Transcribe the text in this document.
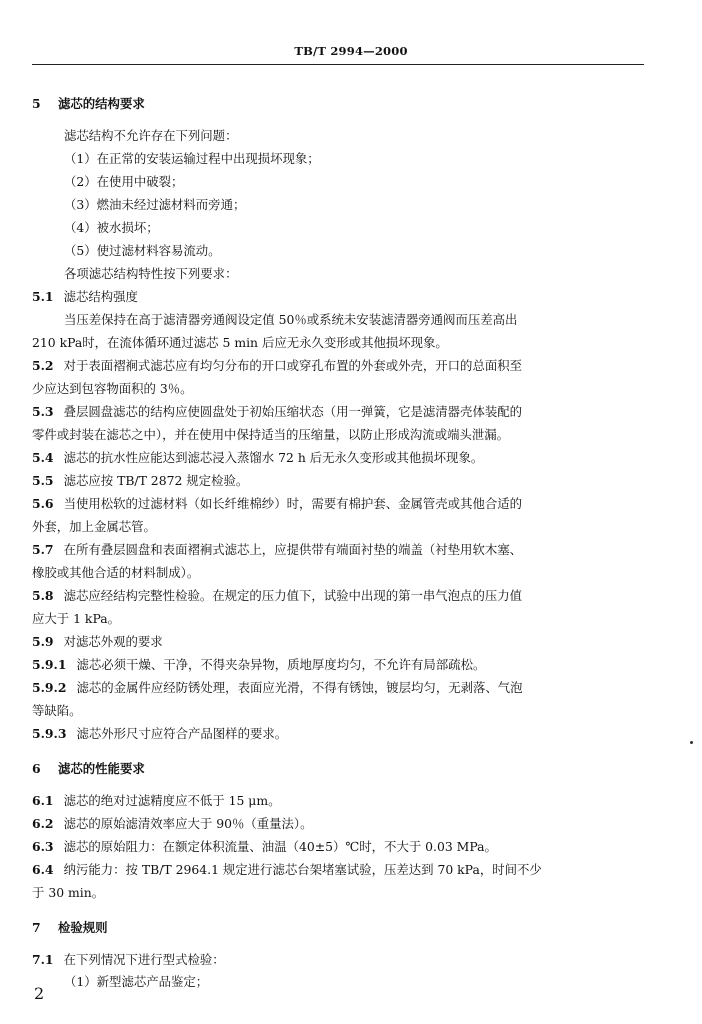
TB/T 2994—2000

5 滤芯的结构要求

滤芯结构不允许存在下列问题：

（1）在正常的安装运输过程中出现损坏现象；

（2）在使用中破裂；

（3）燃油未经过滤材料而旁通；

（4）被水损坏；

（5）使过滤材料容易流动。

各项滤芯结构特性按下列要求：

5.1 滤芯结构强度

当压差保持在高于滤清器旁通阀设定值 50％或系统未安装滤清器旁通阀而压差高出

210 kPa时，在流体循环通过滤芯 5 min 后应无永久变形或其他损坏现象。

5.2 对于表面褶裥式滤芯应有均匀分布的开口或穿孔布置的外套或外壳，开口的总面积至

少应达到包容物面积的 3％。

5.3 叠层圆盘滤芯的结构应使圆盘处于初始压缩状态（用一弹簧，它是滤清器壳体装配的

零件或封装在滤芯之中），并在使用中保持适当的压缩量，以防止形成沟流或端头泄漏。

5.4 滤芯的抗水性应能达到滤芯浸入蒸馏水 72 h 后无永久变形或其他损坏现象。

5.5 滤芯应按 TB/T 2872 规定检验。

5.6 当使用松软的过滤材料（如长纤维棉纱）时，需要有棉护套、金属管壳或其他合适的

外套，加上金属芯管。

5.7 在所有叠层圆盘和表面褶裥式滤芯上，应提供带有端面衬垫的端盖（衬垫用软木塞、

橡胶或其他合适的材料制成）。

5.8 滤芯应经结构完整性检验。在规定的压力值下，试验中出现的第一串气泡点的压力值

应大于 1 kPa。

5.9 对滤芯外观的要求

5.9.1 滤芯必须干燥、干净，不得夹杂异物，质地厚度均匀，不允许有局部疏松。

5.9.2 滤芯的金属件应经防锈处理，表面应光滑，不得有锈蚀，镀层均匀，无剥落、气泡

等缺陷。

5.9.3 滤芯外形尺寸应符合产品图样的要求。

6 滤芯的性能要求

6.1 滤芯的绝对过滤精度应不低于 15 μm。

6.2 滤芯的原始滤清效率应大于 90％（重量法）。

6.3 滤芯的原始阻力：在额定体积流量、油温（40±5）℃时，不大于 0.03 MPa。

6.4 纳污能力：按 TB/T 2964.1 规定进行滤芯台架堵塞试验，压差达到 70 kPa，时间不少

于 30 min。

7 检验规则

7.1 在下列情况下进行型式检验：

（1）新型滤芯产品鉴定；

2
